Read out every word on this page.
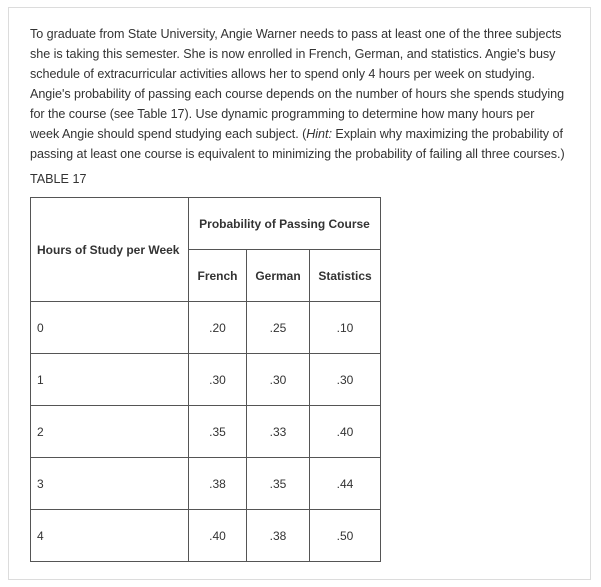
To graduate from State University, Angie Warner needs to pass at least one of the three subjects
she is taking this semester. She is now enrolled in French, German, and statistics. Angie's busy
schedule of extracurricular activities allows her to spend only 4 hours per week on studying.
Angie's probability of passing each course depends on the number of hours she spends studying
for the course (see Table 17). Use dynamic programming to determine how many hours per
week Angie should spend studying each subject. (Hint: Explain why maximizing the probability of
passing at least one course is equivalent to minimizing the probability of failing all three courses.)
TABLE 17
Hours of Study per Week	Probability of Passing Course		
	French	German	Statistics
0	.20	.25	.10
1	.30	.30	.30
2	.35	.33	.40
3	.38	.35	.44
4	.40	.38	.50
